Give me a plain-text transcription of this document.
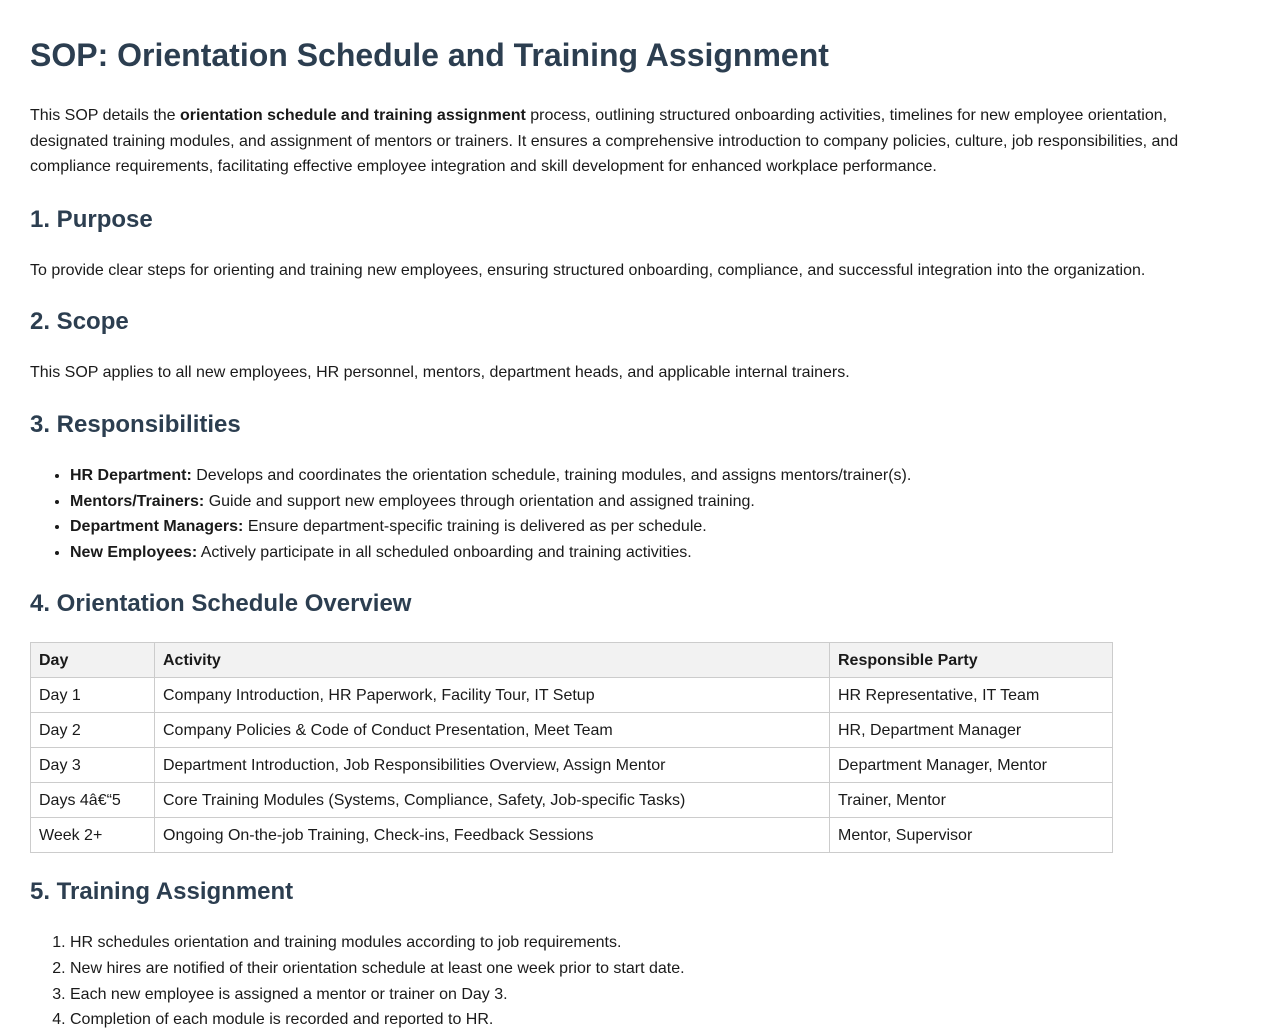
SOP: Orientation Schedule and Training Assignment

This SOP details the orientation schedule and training assignment process, outlining structured onboarding activities, timelines for new employee orientation, designated training modules, and assignment of mentors or trainers. It ensures a comprehensive introduction to company policies, culture, job responsibilities, and compliance requirements, facilitating effective employee integration and skill development for enhanced workplace performance.

1. Purpose

To provide clear steps for orienting and training new employees, ensuring structured onboarding, compliance, and successful integration into the organization.

2. Scope

This SOP applies to all new employees, HR personnel, mentors, department heads, and applicable internal trainers.

3. Responsibilities
• HR Department: Develops and coordinates the orientation schedule, training modules, and assigns mentors/trainer(s).
• Mentors/Trainers: Guide and support new employees through orientation and assigned training.
• Department Managers: Ensure department-specific training is delivered as per schedule.
• New Employees: Actively participate in all scheduled onboarding and training activities.
4. Orientation Schedule Overview
Day	Activity	Responsible Party
Day 1	Company Introduction, HR Paperwork, Facility Tour, IT Setup	HR Representative, IT Team
Day 2	Company Policies & Code of Conduct Presentation, Meet Team	HR, Department Manager
Day 3	Department Introduction, Job Responsibilities Overview, Assign Mentor	Department Manager, Mentor
Days 4â€“5	Core Training Modules (Systems, Compliance, Safety, Job-specific Tasks)	Trainer, Mentor
Week 2+	Ongoing On-the-job Training, Check-ins, Feedback Sessions	Mentor, Supervisor
5. Training Assignment
1. HR schedules orientation and training modules according to job requirements.
2. New hires are notified of their orientation schedule at least one week prior to start date.
3. Each new employee is assigned a mentor or trainer on Day 3.
4. Completion of each module is recorded and reported to HR.
